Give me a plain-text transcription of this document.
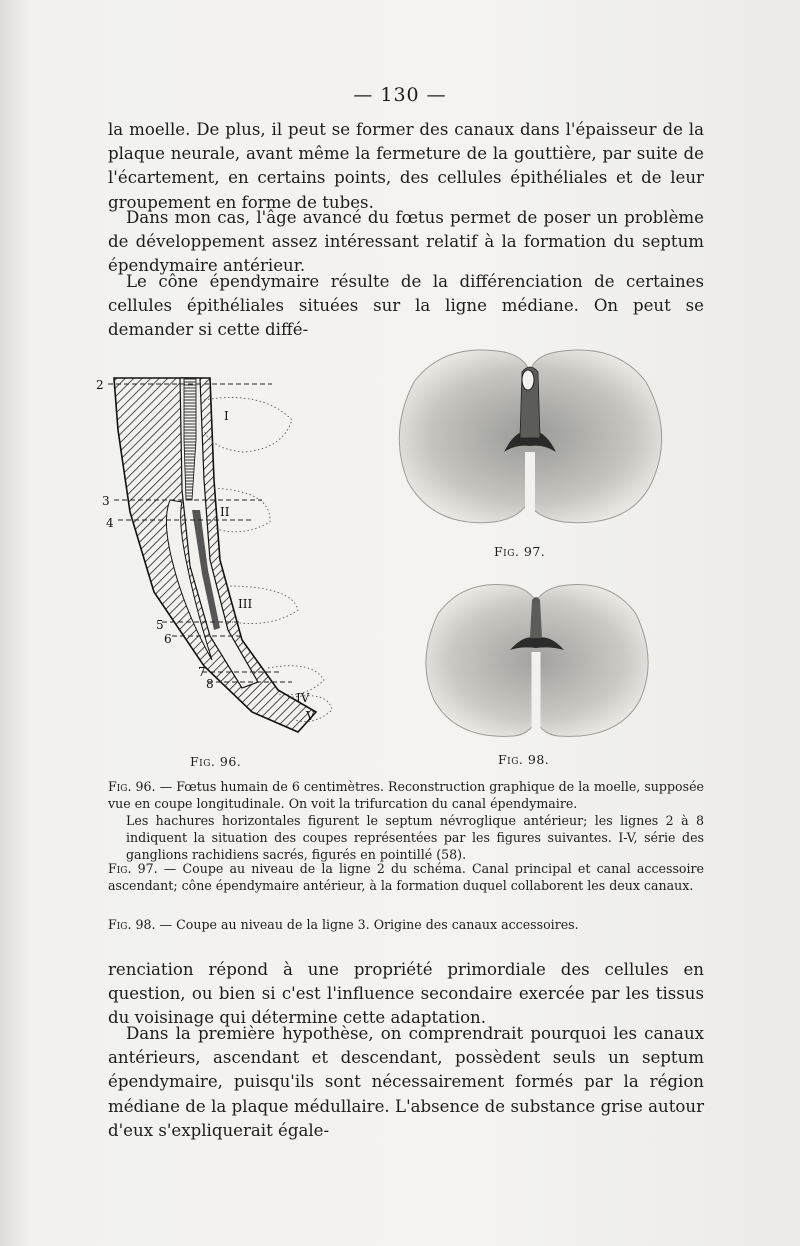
— 130 —

la moelle. De plus, il peut se former des canaux dans l'épaisseur de la plaque neurale, avant même la fermeture de la gouttière, par suite de l'écartement, en certains points, des cellules épithéliales et de leur groupement en forme de tubes.

Dans mon cas, l'âge avancé du fœtus permet de poser un problème de développement assez intéressant relatif à la formation du septum épendymaire antérieur.

Le cône épendymaire résulte de la différenciation de certaines cellules épithéliales situées sur la ligne médiane. On peut se demander si cette diffé-

2
3
4
5
6
7
8
I
II
III
IV
V
Fig. 96.
Fig. 97.
Fig. 98.

Fig. 96. — Fœtus humain de 6 centimètres. Reconstruction graphique de la moelle, supposée vue en coupe longitudinale. On voit la trifurcation du canal épendymaire.
Les hachures horizontales figurent le septum névroglique antérieur; les lignes 2 à 8 indiquent la situation des coupes représentées par les figures suivantes. I-V, série des ganglions rachidiens sacrés, figurés en pointillé (58).

Fig. 97. — Coupe au niveau de la ligne 2 du schéma. Canal principal et canal accessoire ascendant; cône épendymaire antérieur, à la formation duquel collaborent les deux canaux.

Fig. 98. — Coupe au niveau de la ligne 3. Origine des canaux accessoires.

renciation répond à une propriété primordiale des cellules en question, ou bien si c'est l'influence secondaire exercée par les tissus du voisinage qui détermine cette adaptation.

Dans la première hypothèse, on comprendrait pourquoi les canaux antérieurs, ascendant et descendant, possèdent seuls un septum épendymaire, puisqu'ils sont nécessairement formés par la région médiane de la plaque médullaire. L'absence de substance grise autour d'eux s'expliquerait égale-
